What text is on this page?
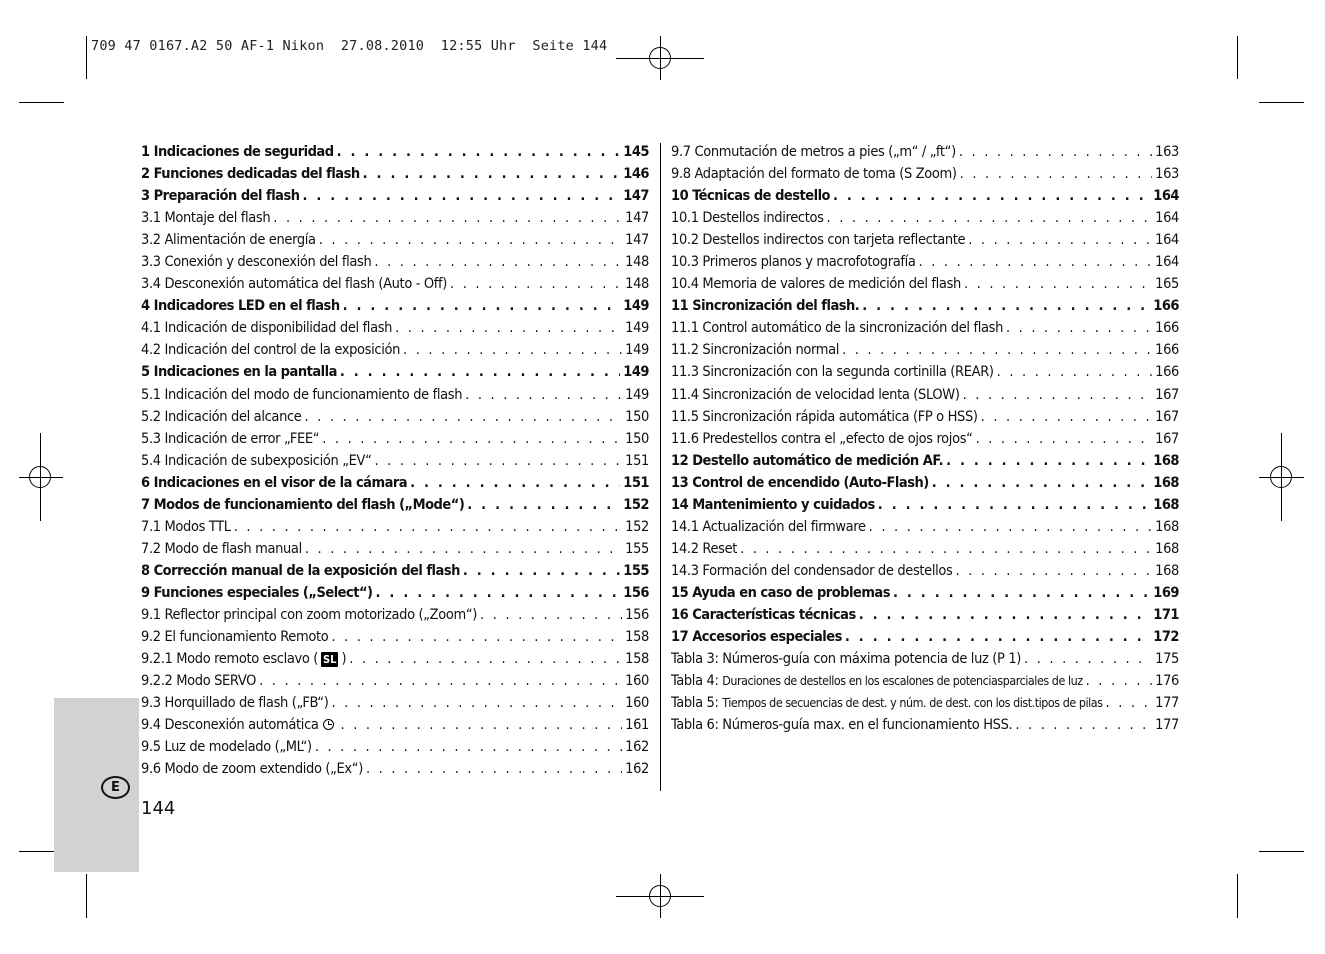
709 47 0167.A2 50 AF-1 Nikon  27.08.2010  12:55 Uhr  Seite 144
E
144
1 Indicaciones de seguridad . . .	145
2 Funciones dedicadas del flash . . .	146
3 Preparación del flash . . .	147
3.1 Montaje del flash . . .	147
3.2 Alimentación de energía . . .	147
3.3 Conexión y desconexión del flash . . .	148
3.4 Desconexión automática del flash (Auto - Off) . . .	148
4 Indicadores LED en el flash . . .	149
4.1 Indicación de disponibilidad del flash . . .	149
4.2 Indicación del control de la exposición . . .	149
5 Indicaciones en la pantalla . . .	149
5.1 Indicación del modo de funcionamiento de flash . . .	149
5.2 Indicación del alcance . . .	150
5.3 Indicación de error „FEE“ . . .	150
5.4 Indicación de subexposición „EV“ . . .	151
6 Indicaciones en el visor de la cámara . . .	151
7 Modos de funcionamiento del flash („Mode“) . . .	152
7.1 Modos TTL . . .	152
7.2 Modo de flash manual . . .	155
8 Corrección manual de la exposición del flash . . .	155
9 Funciones especiales („Select“) . . .	156
9.1 Reflector principal con zoom motorizado („Zoom“) . . .	156
9.2 El funcionamiento Remoto . . .	158
9.2.1 Modo remoto esclavo ( SL ) . . .	158
9.2.2 Modo SERVO . . .	160
9.3 Horquillado de flash („FB“) . . .	160
9.4 Desconexión automática . . .	161
9.5 Luz de modelado („ML“) . . .	162
9.6 Modo de zoom extendido („Ex“) . . .	162
9.7 Conmutación de metros a pies („m“ / „ft“) . . .	163
9.8 Adaptación del formato de toma (S Zoom) . . .	163
10 Técnicas de destello . . .	164
10.1 Destellos indirectos . . .	164
10.2 Destellos indirectos con tarjeta reflectante . . .	164
10.3 Primeros planos y macrofotografía . . .	164
10.4 Memoria de valores de medición del flash . . .	165
11 Sincronización del flash. . . .	166
11.1 Control automático de la sincronización del flash . . .	166
11.2 Sincronización normal . . .	166
11.3 Sincronización con la segunda cortinilla (REAR) . . .	166
11.4 Sincronización de velocidad lenta (SLOW) . . .	167
11.5 Sincronización rápida automática (FP o HSS) . . .	167
11.6 Predestellos contra el „efecto de ojos rojos“ . . .	167
12 Destello automático de medición AF. . . .	168
13 Control de encendido (Auto-Flash) . . .	168
14 Mantenimiento y cuidados . . .	168
14.1 Actualización del firmware . . .	168
14.2 Reset . . .	168
14.3 Formación del condensador de destellos . . .	168
15 Ayuda en caso de problemas . . .	169
16 Características técnicas . . .	171
17 Accesorios especiales . . .	172
Tabla 3: Números-guía con máxima potencia de luz (P 1) . . .	175
Tabla 4: Duraciones de destellos en los escalones de potenciasparciales de luz . . .	176
Tabla 5: Tiempos de secuencias de dest. y núm. de dest. con los dist.tipos de pilas . . .	177
Tabla 6: Números-guía max. en el funcionamiento HSS. . . .	177
